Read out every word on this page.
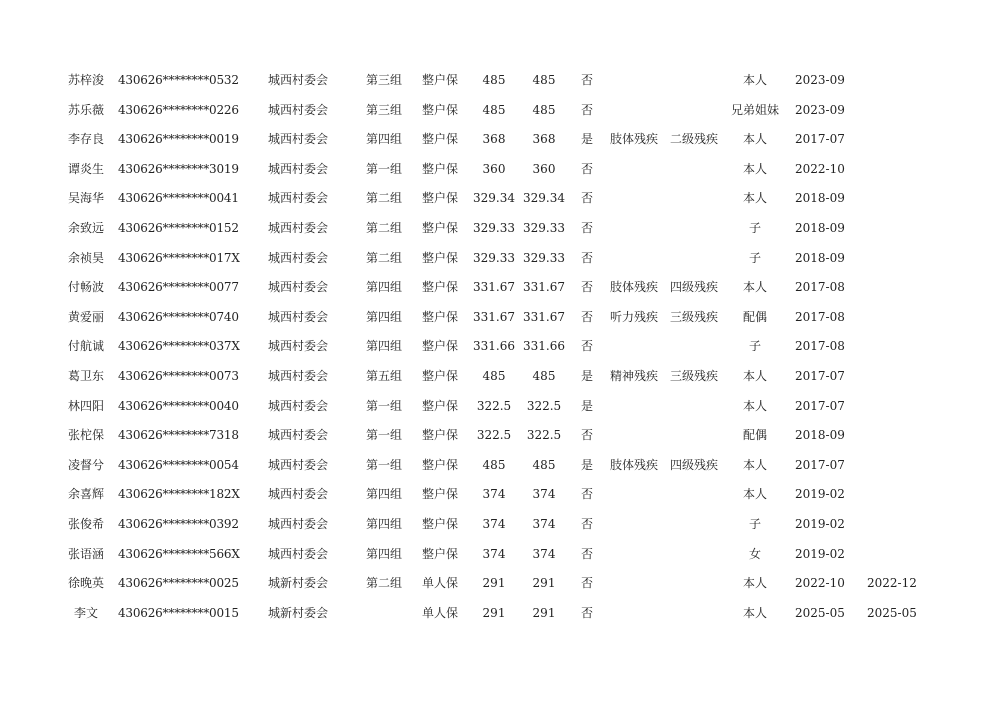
苏梓浚	430626********0532	城西村委会	第三组	整户保	485	485	否	本人	2023-09
苏乐薇	430626********0226	城西村委会	第三组	整户保	485	485	否	兄弟姐妹	2023-09
李存良	430626********0019	城西村委会	第四组	整户保	368	368	是 肢体残疾 二级残疾	本人	2017-07
谭炎生	430626********3019	城西村委会	第一组	整户保	360	360	否	本人	2022-10
吴海华	430626********0041	城西村委会	第二组	整户保	329.34 329.34 否	本人	2018-09
余致远	430626********0152	城西村委会	第二组	整户保	329.33 329.33 否	子	2018-09
余祯昊	430626********017X	城西村委会	第二组	整户保	329.33 329.33 否	子	2018-09
付畅波	430626********0077	城西村委会	第四组	整户保	331.67 331.67 否 肢体残疾 四级残疾	本人	2017-08
黄爱丽	430626********0740	城西村委会	第四组	整户保	331.67 331.67 否 听力残疾 三级残疾	配偶	2017-08
付航诚	430626********037X	城西村委会	第四组	整户保	331.66 331.66 否	子	2017-08
葛卫东	430626********0073	城西村委会	第五组	整户保	485	485	是 精神残疾 三级残疾	本人	2017-07
林四阳	430626********0040	城西村委会	第一组	整户保	322.5	322.5	是	本人	2017-07
张柁保	430626********7318	城西村委会	第一组	整户保	322.5	322.5	否	配偶	2018-09
凌督兮	430626********0054	城西村委会	第一组	整户保	485	485	是 肢体残疾 四级残疾	本人	2017-07
余喜辉	430626********182X	城西村委会	第四组	整户保	374	374	否	本人	2019-02
张俊希	430626********0392	城西村委会	第四组	整户保	374	374	否	子	2019-02
张语涵	430626********566X	城西村委会	第四组	整户保	374	374	否	女	2019-02
徐晚英	430626********0025	城新村委会	第二组	单人保	291	291	否	本人	2022-10	2022-12
李文	430626********0015	城新村委会	单人保	291	291	否	本人	2025-05	2025-05
